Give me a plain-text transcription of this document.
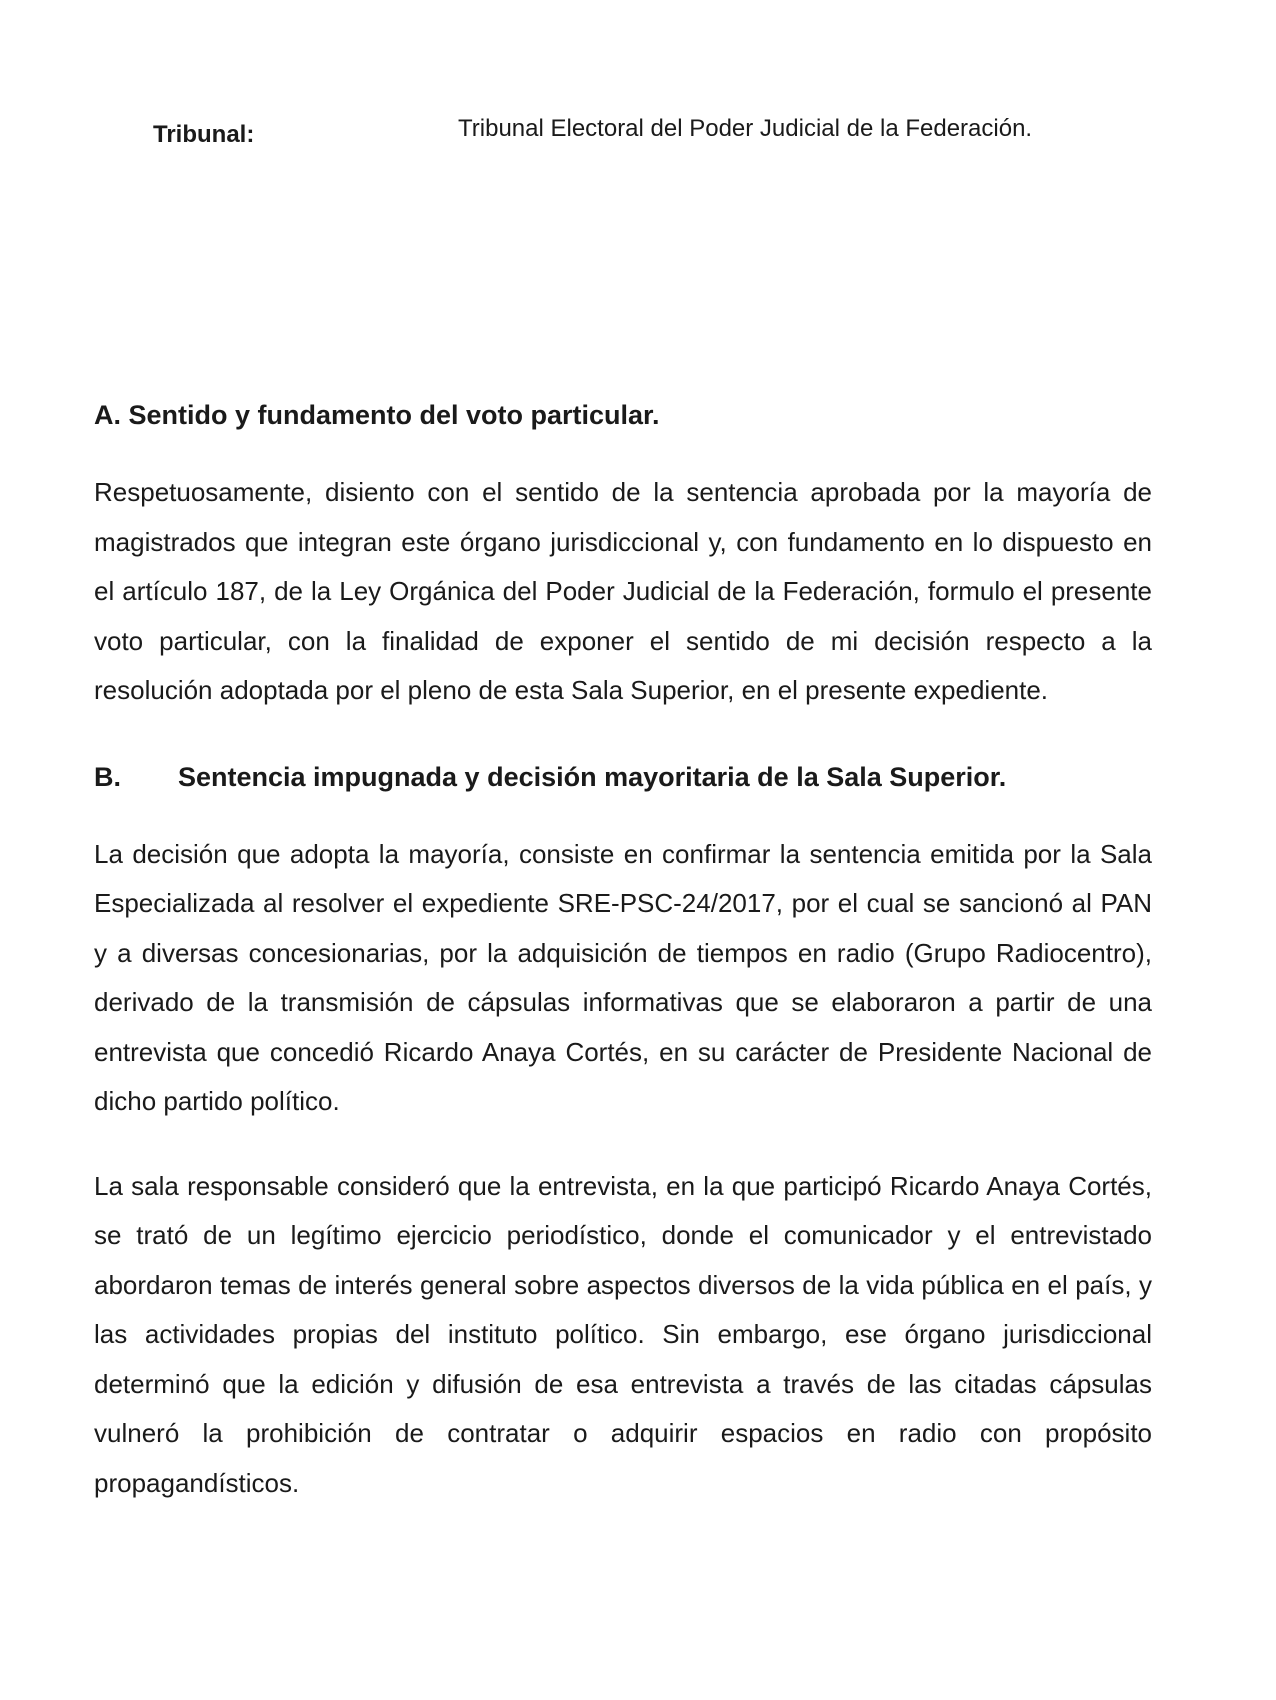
Tribunal:	Tribunal Electoral del Poder Judicial de la Federación.
A. Sentido y fundamento del voto particular.

Respetuosamente, disiento con el sentido de la sentencia aprobada por la mayoría de magistrados que integran este órgano jurisdiccional y, con fundamento en lo dispuesto en el artículo 187, de la Ley Orgánica del Poder Judicial de la Federación, formulo el presente voto particular, con la finalidad de exponer el sentido de mi decisión respecto a la resolución adoptada por el pleno de esta Sala Superior, en el presente expediente.

B.	Sentencia impugnada y decisión mayoritaria de la Sala Superior.

La decisión que adopta la mayoría, consiste en confirmar la sentencia emitida por la Sala Especializada al resolver el expediente SRE-PSC-24/2017, por el cual se sancionó al PAN y a diversas concesionarias, por la adquisición de tiempos en radio (Grupo Radiocentro), derivado de la transmisión de cápsulas informativas que se elaboraron a partir de una entrevista que concedió Ricardo Anaya Cortés, en su carácter de Presidente Nacional de dicho partido político.

La sala responsable consideró que la entrevista, en la que participó Ricardo Anaya Cortés, se trató de un legítimo ejercicio periodístico, donde el comunicador y el entrevistado abordaron temas de interés general sobre aspectos diversos de la vida pública en el país, y las actividades propias del instituto político. Sin embargo, ese órgano jurisdiccional determinó que la edición y difusión de esa entrevista a través de las citadas cápsulas vulneró la prohibición de contratar o adquirir espacios en radio con propósito propagandísticos.
